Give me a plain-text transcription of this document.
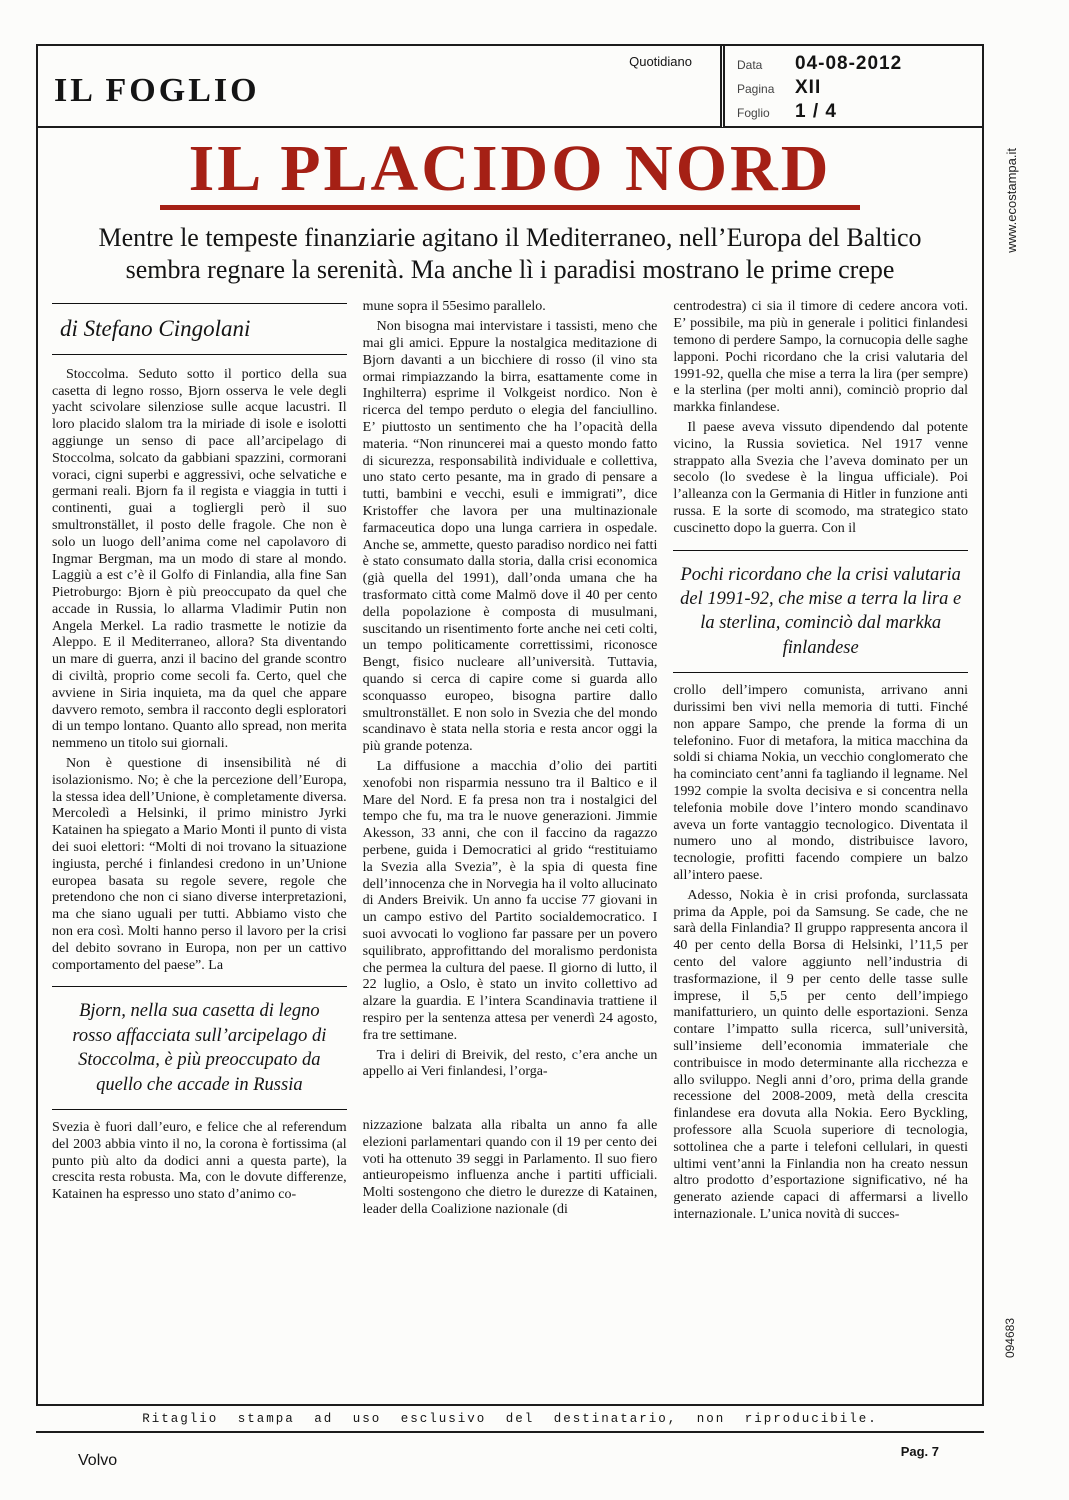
IL FOGLIO
Quotidiano	Data	04-08-2012
Pagina	XII
Foglio	1 / 4
IL PLACIDO NORD
Mentre le tempeste finanziarie agitano il Mediterraneo, nell’Europa del Baltico sembra regnare la serenità. Ma anche lì i paradisi mostrano le prime crepe
di Stefano Cingolani

Stoccolma. Seduto sotto il portico della sua casetta di legno rosso, Bjorn osserva le vele degli yacht scivolare silenziose sulle acque lacustri. Il loro placido slalom tra la miriade di isole e isolotti aggiunge un senso di pace all’arcipelago di Stoccolma, solcato da gabbiani spazzini, cormorani voraci, cigni superbi e aggressivi, oche selvatiche e germani reali. Bjorn fa il regista e viaggia in tutti i continenti, guai a togliergli però il suo smultronstället, il posto delle fragole. Che non è solo un luogo dell’anima come nel capolavoro di Ingmar Bergman, ma un modo di stare al mondo. Laggiù a est c’è il Golfo di Finlandia, alla fine San Pietroburgo: Bjorn è più preoccupato da quel che accade in Russia, lo allarma Vladimir Putin non Angela Merkel. La radio trasmette le notizie da Aleppo. E il Mediterraneo, allora? Sta diventando un mare di guerra, anzi il bacino del grande scontro di civiltà, proprio come secoli fa. Certo, quel che avviene in Siria inquieta, ma da quel che appare davvero remoto, sembra il racconto degli esploratori di un tempo lontano. Quanto allo spread, non merita nemmeno un titolo sui giornali.

Non è questione di insensibilità né di isolazionismo. No; è che la percezione dell’Europa, la stessa idea dell’Unione, è completamente diversa. Mercoledì a Helsinki, il primo ministro Jyrki Katainen ha spiegato a Mario Monti il punto di vista dei suoi elettori: “Molti di noi trovano la situazione ingiusta, perché i finlandesi credono in un’Unione europea basata su regole severe, regole che pretendono che non ci siano diverse interpretazioni, ma che siano uguali per tutti. Abbiamo visto che non era così. Molti hanno perso il lavoro per la crisi del debito sovrano in Europa, non per un cattivo comportamento del paese”. La

Bjorn, nella sua casetta di legno rosso affacciata sull’arcipelago di Stoccolma, è più preoccupato da quello che accade in Russia

Svezia è fuori dall’euro, e felice che al referendum del 2003 abbia vinto il no, la corona è fortissima (al punto più alto da dodici anni a questa parte), la crescita resta robusta. Ma, con le dovute differenze, Katainen ha espresso uno stato d’animo co-

mune sopra il 55esimo parallelo.

Non bisogna mai intervistare i tassisti, meno che mai gli amici. Eppure la nostalgica meditazione di Bjorn davanti a un bicchiere di rosso (il vino sta ormai rimpiazzando la birra, esattamente come in Inghilterra) esprime il Volkgeist nordico. Non è ricerca del tempo perduto o elegia del fanciullino. E’ piuttosto un sentimento che ha l’opacità della materia. “Non rinuncerei mai a questo mondo fatto di sicurezza, responsabilità individuale e collettiva, uno stato certo pesante, ma in grado di pensare a tutti, bambini e vecchi, esuli e immigrati”, dice Kristoffer che lavora per una multinazionale farmaceutica dopo una lunga carriera in ospedale. Anche se, ammette, questo paradiso nordico nei fatti è stato consumato dalla storia, dalla crisi economica (già quella del 1991), dall’onda umana che ha trasformato città come Malmö dove il 40 per cento della popolazione è composta di musulmani, suscitando un risentimento forte anche nei ceti colti, un tempo politicamente correttissimi, riconosce Bengt, fisico nucleare all’università. Tuttavia, quando si cerca di capire come si guarda allo sconquasso europeo, bisogna partire dallo smultronstället. E non solo in Svezia che del mondo scandinavo è stata nella storia e resta ancor oggi la più grande potenza.

La diffusione a macchia d’olio dei partiti xenofobi non risparmia nessuno tra il Baltico e il Mare del Nord. E fa presa non tra i nostalgici del tempo che fu, ma tra le nuove generazioni. Jimmie Akesson, 33 anni, che con il faccino da ragazzo perbene, guida i Democratici al grido “restituiamo la Svezia alla Svezia”, è la spia di questa fine dell’innocenza che in Norvegia ha il volto allucinato di Anders Breivik. Un anno fa uccise 77 giovani in un campo estivo del Partito socialdemocratico. I suoi avvocati lo vogliono far passare per un povero squilibrato, approfittando del moralismo perdonista che permea la cultura del paese. Il giorno di lutto, il 22 luglio, a Oslo, è stato un invito collettivo ad alzare la guardia. E l’intera Scandinavia trattiene il respiro per la sentenza attesa per venerdì 24 agosto, fra tre settimane.

Tra i deliri di Breivik, del resto, c’era anche un appello ai Veri finlandesi, l’orga-

nizzazione balzata alla ribalta un anno fa alle elezioni parlamentari quando con il 19 per cento dei voti ha ottenuto 39 seggi in Parlamento. Il suo fiero antieuropeismo influenza anche i partiti ufficiali. Molti sostengono che dietro le durezze di Katainen, leader della Coalizione nazionale (di

centrodestra) ci sia il timore di cedere ancora voti. E’ possibile, ma più in generale i politici finlandesi temono di perdere Sampo, la cornucopia delle saghe lapponi. Pochi ricordano che la crisi valutaria del 1991-92, quella che mise a terra la lira (per sempre) e la sterlina (per molti anni), cominciò proprio dal markka finlandese.

Il paese aveva vissuto dipendendo dal potente vicino, la Russia sovietica. Nel 1917 venne strappato alla Svezia che l’aveva dominato per un secolo (lo svedese è la lingua ufficiale). Poi l’alleanza con la Germania di Hitler in funzione anti russa. E la sorte di scomodo, ma strategico stato cuscinetto dopo la guerra. Con il

Pochi ricordano che la crisi valutaria del 1991-92, che mise a terra la lira e la sterlina, cominciò dal markka finlandese

crollo dell’impero comunista, arrivano anni durissimi ben vivi nella memoria di tutti. Finché non appare Sampo, che prende la forma di un telefonino. Fuor di metafora, la mitica macchina da soldi si chiama Nokia, un vecchio conglomerato che ha cominciato cent’anni fa tagliando il legname. Nel 1992 compie la svolta decisiva e si concentra nella telefonia mobile dove l’intero mondo scandinavo aveva un forte vantaggio tecnologico. Diventata il numero uno al mondo, distribuisce lavoro, tecnologie, profitti facendo compiere un balzo all’intero paese.

Adesso, Nokia è in crisi profonda, surclassata prima da Apple, poi da Samsung. Se cade, che ne sarà della Finlandia? Il gruppo rappresenta ancora il 40 per cento della Borsa di Helsinki, l’11,5 per cento del valore aggiunto nell’industria di trasformazione, il 9 per cento delle tasse sulle imprese, il 5,5 per cento dell’impiego manifatturiero, un quinto delle esportazioni. Senza contare l’impatto sulla ricerca, sull’università, sull’insieme dell’economia immateriale che contribuisce in modo determinante alla ricchezza e allo sviluppo. Negli anni d’oro, prima della grande recessione del 2008-2009, metà della crescita finlandese era dovuta alla Nokia. Eero Byckling, professore alla Scuola superiore di tecnologia, sottolinea che a parte i telefoni cellulari, in questi ultimi vent’anni la Finlandia non ha creato nessun altro prodotto d’esportazione significativo, né ha generato aziende capaci di affermarsi a livello internazionale. L’unica novità di succes-

Ritaglio stampa ad uso esclusivo del destinatario, non riproducibile.
Volvo
Pag. 7
www.ecostampa.it
094683
